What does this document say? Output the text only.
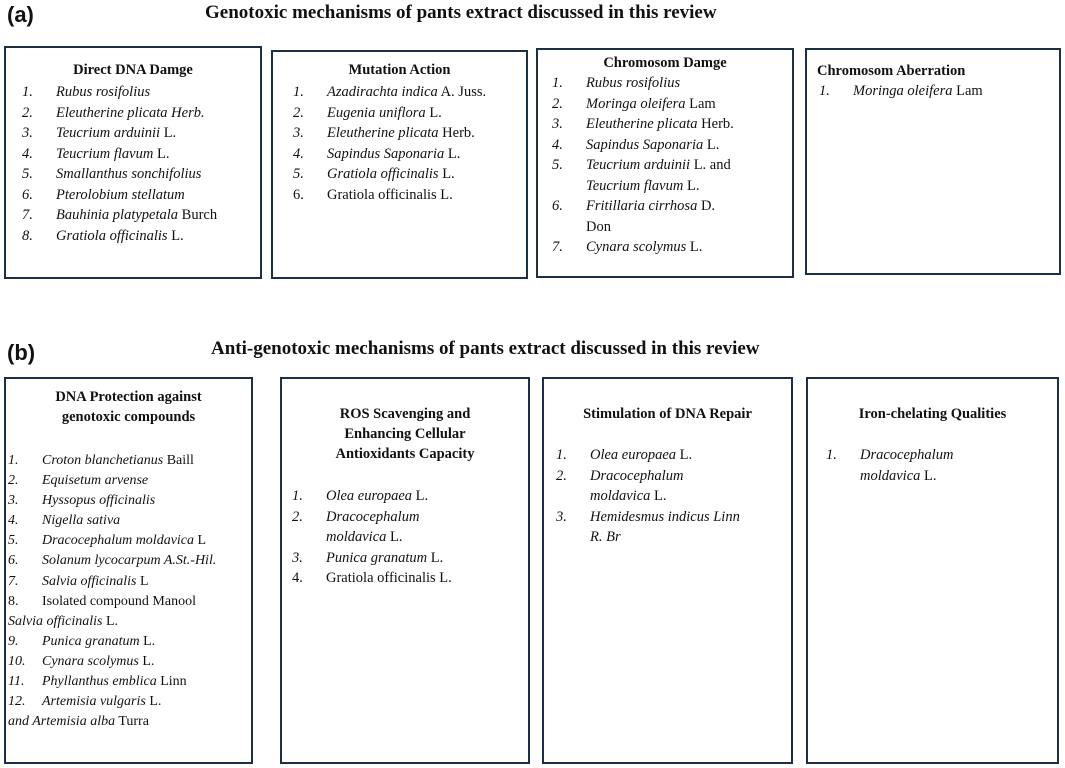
(a)	Genotoxic mechanisms of pants extract discussed in this review
Direct DNA Damge
1.	Rubus rosifolius
2.	Eleutherine plicata Herb.
3.	Teucrium arduinii L.
4.	Teucrium flavum L.
5.	Smallanthus sonchifolius
6.	Pterolobium stellatum
7.	Bauhinia platypetala Burch
8.	Gratiola officinalis L.
Mutation Action
1.	Azadirachta indica A. Juss.
2.	Eugenia uniflora L.
3.	Eleutherine plicata Herb.
4.	Sapindus Saponaria L.
5.	Gratiola officinalis L.
6.	Gratiola officinalis L.
Chromosom Damge
1.	Rubus rosifolius
2.	Moringa oleifera Lam
3.	Eleutherine plicata Herb.
4.	Sapindus Saponaria L.
5.	Teucrium arduinii L. and
Teucrium flavum L.
6.	Fritillaria cirrhosa D.
Don
7.	Cynara scolymus L.
Chromosom Aberration
1.	Moringa oleifera Lam
(b)	Anti-genotoxic mechanisms of pants extract discussed in this review
DNA Protection against
genotoxic compounds
1.	Croton blanchetianus Baill
2.	Equisetum arvense
3.	Hyssopus officinalis
4.	Nigella sativa
5.	Dracocephalum moldavica L
6.	Solanum lycocarpum A.St.-Hil.
7.	Salvia officinalis L
8.	Isolated compound Manool
Salvia officinalis L.
9.	Punica granatum L.
10.	Cynara scolymus L.
11.	Phyllanthus emblica Linn
12.	Artemisia vulgaris L.
and Artemisia alba Turra
ROS Scavenging and
Enhancing Cellular
Antioxidants Capacity
1.	Olea europaea L.
2.	Dracocephalum
moldavica L.
3.	Punica granatum L.
4.	Gratiola officinalis L.
Stimulation of DNA Repair
1.	Olea europaea L.
2.	Dracocephalum
moldavica L.
3.	Hemidesmus indicus Linn
R. Br
Iron-chelating Qualities
1.	Dracocephalum
moldavica L.
